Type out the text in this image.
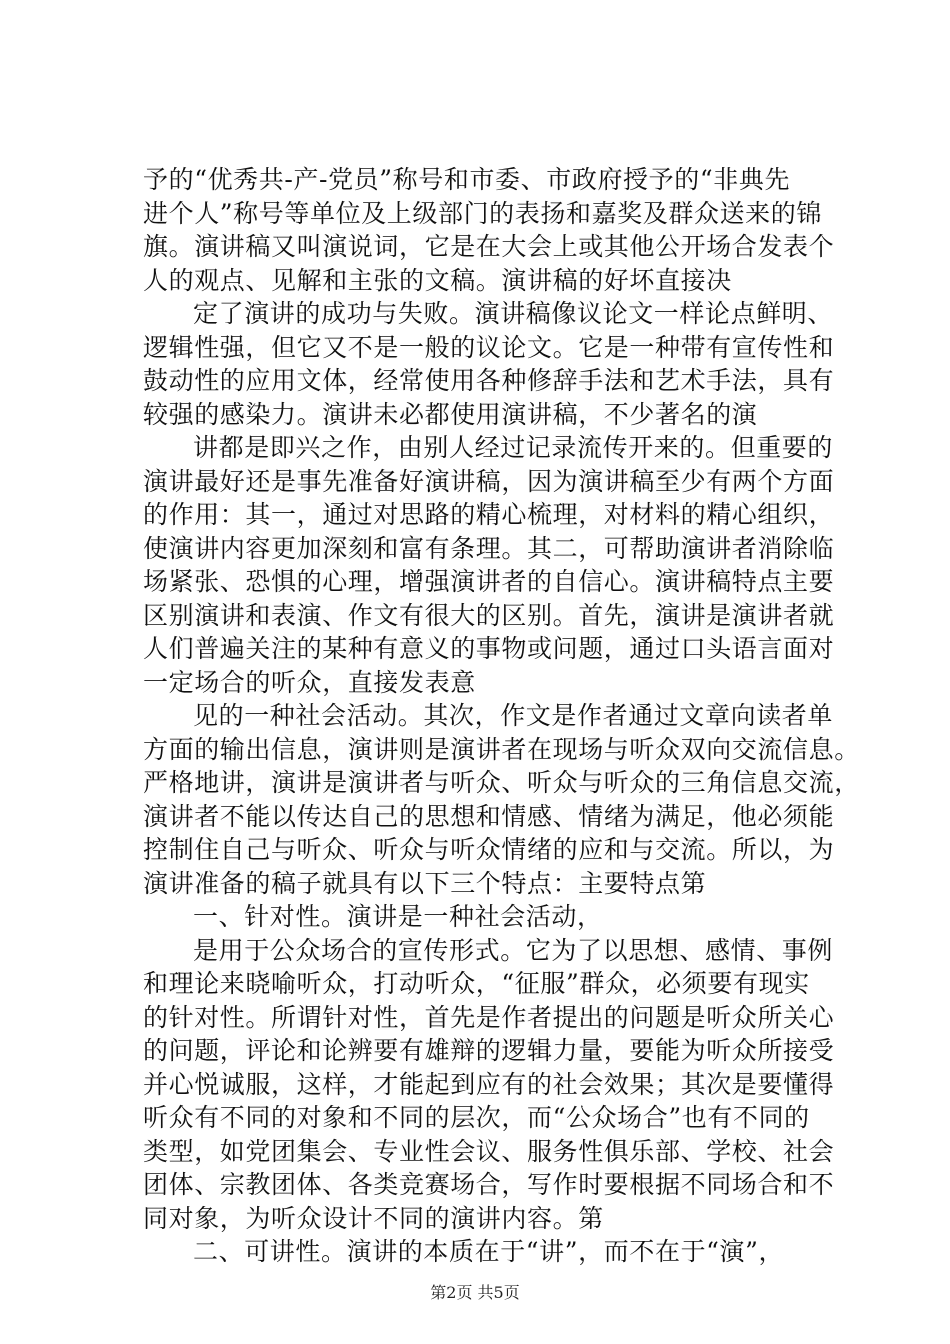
予的“优秀共-产-党员”称号和市委、市政府授予的“非典先
进个人”称号等单位及上级部门的表扬和嘉奖及群众送来的锦
旗。演讲稿又叫演说词，它是在大会上或其他公开场合发表个
人的观点、见解和主张的文稿。演讲稿的好坏直接决
定了演讲的成功与失败。演讲稿像议论文一样论点鲜明、
逻辑性强，但它又不是一般的议论文。它是一种带有宣传性和
鼓动性的应用文体，经常使用各种修辞手法和艺术手法，具有
较强的感染力。演讲未必都使用演讲稿，不少著名的演
讲都是即兴之作，由别人经过记录流传开来的。但重要的
演讲最好还是事先准备好演讲稿，因为演讲稿至少有两个方面
的作用：其一，通过对思路的精心梳理，对材料的精心组织，
使演讲内容更加深刻和富有条理。其二，可帮助演讲者消除临
场紧张、恐惧的心理，增强演讲者的自信心。演讲稿特点主要
区别演讲和表演、作文有很大的区别。首先，演讲是演讲者就
人们普遍关注的某种有意义的事物或问题，通过口头语言面对
一定场合的听众，直接发表意
见的一种社会活动。其次，作文是作者通过文章向读者单
方面的输出信息，演讲则是演讲者在现场与听众双向交流信息。
严格地讲，演讲是演讲者与听众、听众与听众的三角信息交流，
演讲者不能以传达自己的思想和情感、情绪为满足，他必须能
控制住自己与听众、听众与听众情绪的应和与交流。所以，为
演讲准备的稿子就具有以下三个特点：主要特点第
一、针对性。演讲是一种社会活动，
是用于公众场合的宣传形式。它为了以思想、感情、事例
和理论来晓喻听众，打动听众，“征服”群众，必须要有现实
的针对性。所谓针对性，首先是作者提出的问题是听众所关心
的问题，评论和论辨要有雄辩的逻辑力量，要能为听众所接受
并心悦诚服，这样，才能起到应有的社会效果；其次是要懂得
听众有不同的对象和不同的层次，而“公众场合”也有不同的
类型，如党团集会、专业性会议、服务性俱乐部、学校、社会
团体、宗教团体、各类竞赛场合，写作时要根据不同场合和不
同对象，为听众设计不同的演讲内容。第
二、可讲性。演讲的本质在于“讲”，而不在于“演”，
第2页 共5页
